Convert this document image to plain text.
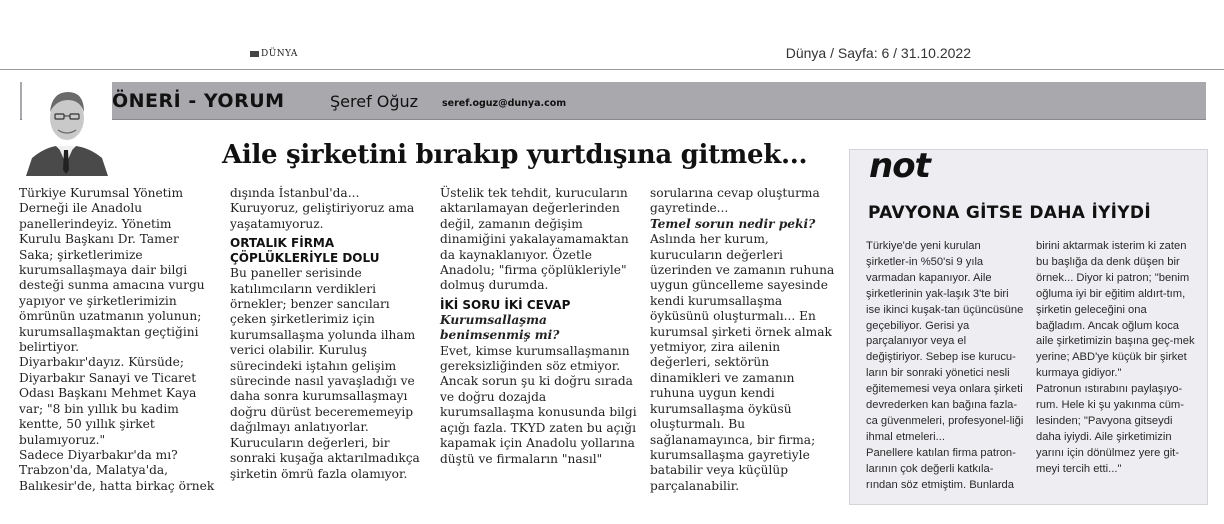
DÜNYA	Dünya / Sayfa: 6 / 31.10.2022
ÖNERİ - YORUM	Şeref Oğuz	seref.oguz@dunya.com
Aile şirketini bırakıp yurtdışına gitmek...
Türkiye Kurumsal Yönetim Derneği ile Anadolu panellerindeyiz. Yönetim Kurulu Başkanı Dr. Tamer Saka; şirketlerimize kurumsallaşmaya dair bilgi desteği sunma amacına vurgu yapıyor ve şirketlerimizin ömrünün uzatmanın yolunun; kurumsallaşmaktan geçtiğini belirtiyor.
Diyarbakır'dayız. Kürsüde; Diyarbakır Sanayi ve Ticaret Odası Başkanı Mehmet Kaya var; "8 bin yıllık bu kadim kentte, 50 yıllık şirket bulamıyoruz."
Sadece Diyarbakır'da mı? Trabzon'da, Malatya'da, Balıkesir'de, hatta birkaç örnek

dışında İstanbul'da... Kuruyoruz, geliştiriyoruz ama yaşatamıyoruz.

ORTALIK FİRMA ÇÖPLÜKLERİYLE DOLU

Bu paneller serisinde katılımcıların verdikleri örnekler; benzer sancıları çeken şirketlerimiz için kurumsallaşma yolunda ilham verici olabilir. Kuruluş sürecindeki iştahın gelişim sürecinde nasıl yavaşladığı ve daha sonra kurumsallaşmayı doğru dürüst becerememeyip dağılmayı anlatıyorlar.
Kurucuların değerleri, bir sonraki kuşağa aktarılmadıkça şirketin ömrü fazla olamıyor.

Üstelik tek tehdit, kurucuların aktarılamayan değerlerinden değil, zamanın değişim dinamiğini yakalayamamaktan da kaynaklanıyor. Özetle Anadolu; "firma çöplükleriyle" dolmuş durumda.

İKİ SORU İKİ CEVAP

Kurumsallaşma benimsenmiş mi?

Evet, kimse kurumsallaşmanın gereksizliğinden söz etmiyor. Ancak sorun şu ki doğru sırada ve doğru dozajda kurumsallaşma konusunda bilgi açığı fazla. TKYD zaten bu açığı kapamak için Anadolu yollarına düştü ve firmaların "nasıl"

sorularına cevap oluşturma gayretinde...

Temel sorun nedir peki?

Aslında her kurum, kurucuların değerleri üzerinden ve zamanın ruhuna uygun güncelleme sayesinde kendi kurumsallaşma öyküsünü oluşturmalı... En kurumsal şirketi örnek almak yetmiyor, zira ailenin değerleri, sektörün dinamikleri ve zamanın ruhuna uygun kendi kurumsallaşma öyküsü oluşturmalı. Bu sağlanamayınca, bir firma; kurumsallaşma gayretiyle batabilir veya küçülüp parçalanabilir.

not
PAVYONA GİTSE DAHA İYİYDİ
Türkiye'de yeni kurulan şirketler-in %50'si 9 yıla varmadan kapanıyor. Aile şirketlerinin yak-laşık 3'te biri ise ikinci kuşak-tan üçüncüsüne geçebiliyor. Gerisi ya parçalanıyor veya el değiştiriyor. Sebep ise kurucu-ların bir sonraki yönetici nesli eğitememesi veya onlara şirketi devrederken kan bağına fazla-ca güvenmeleri, profesyonel-liği ihmal etmeleri...
Panellere katılan firma patron-larının çok değerli katkıla-rından söz etmiştim. Bunlarda
birini aktarmak isterim ki zaten bu başlığa da denk düşen bir örnek... Diyor ki patron; "benim oğluma iyi bir eğitim aldırt-tım, şirketin geleceğini ona bağladım. Ancak oğlum koca aile şirketimizin başına geç-mek yerine; ABD'ye küçük bir şirket kurmaya gidiyor."
Patronun ıstırabını paylaşıyo-rum. Hele ki şu yakınma cüm-lesinden; "Pavyona gitseydi daha iyiydi. Aile şirketimizin yarını için dönülmez yere git-meyi tercih etti..."
